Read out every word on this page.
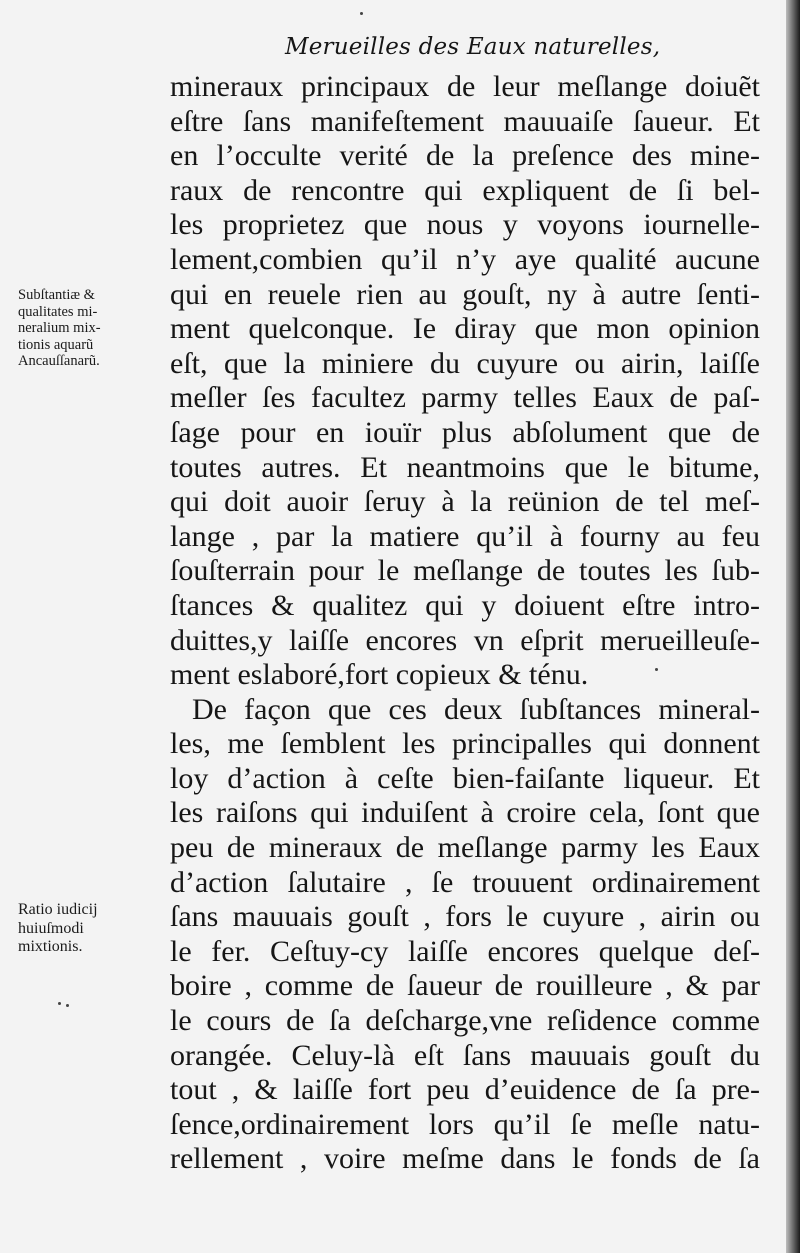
Merueilles des Eaux naturelles,
mineraux principaux de leur meſlange doiuẽt
eſtre ſans manifeſtement mauuaiſe ſaueur. Et
en l’occulte verité de la preſence des mine-
raux de rencontre qui expliquent de ſi bel-
les proprietez que nous y voyons iournelle-
lement,combien qu’il n’y aye qualité aucune
qui en reuele rien au gouſt, ny à autre ſenti-
ment quelconque. Ie diray que mon opinion
eſt, que la miniere du cuyure ou airin, laiſſe
meſler ſes facultez parmy telles Eaux de paſ-
ſage pour en iouïr plus abſolument que de
toutes autres. Et neantmoins que le bitume,
qui doit auoir ſeruy à la reünion de tel meſ-
lange , par la matiere qu’il à fourny au feu
ſouſterrain pour le meſlange de toutes les ſub-
ſtances & qualitez qui y doiuent eſtre intro-
duittes,y laiſſe encores vn eſprit merueilleuſe-
ment eslaboré,fort copieux & ténu.
De façon que ces deux ſubſtances mineral-
les, me ſemblent les principalles qui donnent
loy d’action à ceſte bien-faiſante liqueur. Et
les raiſons qui induiſent à croire cela, ſont que
peu de mineraux de meſlange parmy les Eaux
d’action ſalutaire , ſe trouuent ordinairement
ſans mauuais gouſt , fors le cuyure , airin ou
le fer. Ceſtuy-cy laiſſe encores quelque deſ-
boire , comme de ſaueur de rouilleure , & par
le cours de ſa deſcharge,vne reſidence comme
orangée. Celuy-là eſt ſans mauuais gouſt du
tout , & laiſſe fort peu d’euidence de ſa pre-
ſence,ordinairement lors qu’il ſe meſle natu-
rellement , voire meſme dans le fonds de ſa
Subſtantiæ &
qualitates mi-
neralium mix-
tionis aquarũ
Ancauſſanarũ.
Ratio iudicij
huiuſmodi
mixtionis.
